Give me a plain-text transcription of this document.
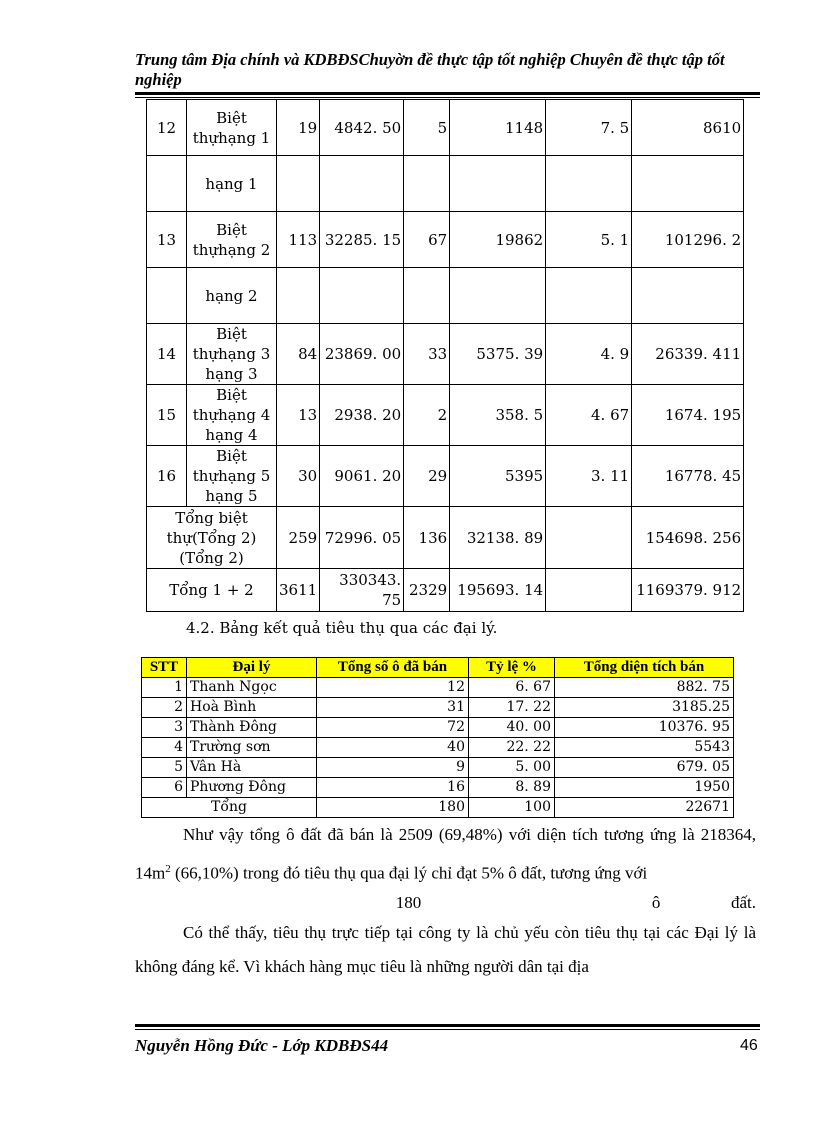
Trung tâm Địa chính và KDBĐSChuyờn đề thực tập tốt nghiệp Chuyên đề thực tập tốt nghiệp
12	Biệt thựhạng 1	19	4842. 50	5	1148	7. 5	8610
	hạng 1						
13	Biệt thựhạng 2	113	32285. 15	67	19862	5. 1	101296. 2
	hạng 2						
14	Biệt thựhạng 3 hạng 3	84	23869. 00	33	5375. 39	4. 9	26339. 411
15	Biệt thựhạng 4 hạng 4	13	2938. 20	2	358. 5	4. 67	1674. 195
16	Biệt thựhạng 5 hạng 5	30	9061. 20	29	5395	3. 11	16778. 45
Tổng biệt thự(Tổng 2) (Tổng 2)		259	72996. 05	136	32138. 89		154698. 256
Tổng 1 + 2		3611	330343. 75	2329	195693. 14		1169379. 912
4.2. Bảng kết quả tiêu thụ qua các đại lý.
STT	Đại lý	Tổng số ô đã bán	Tỷ lệ %	Tổng diện tích bán
1	Thanh Ngọc	12	6. 67	882. 75
2	Hoà Bình	31	17. 22	3185.25
3	Thành Đông	72	40. 00	10376. 95
4	Trường sơn	40	22. 22	5543
5	Vân Hà	9	5. 00	679. 05
6	Phương Đông	16	8. 89	1950
Tổng		180	100	22671
Như vậy tổng ô đất đã bán là 2509 (69,48%) với diện tích tương ứng là 218364, $14m^2$ (66,10%) trong đó tiêu thụ qua đại lý chỉ đạt 5% ô đất, tương ứng với
180	ô	đất.
Có thể thấy, tiêu thụ trực tiếp tại công ty là chủ yếu còn tiêu thụ tại các Đại lý là không đáng kể. Vì khách hàng mục tiêu là những người dân tại địa
Nguyễn Hồng Đức - Lớp KDBĐS44	46
